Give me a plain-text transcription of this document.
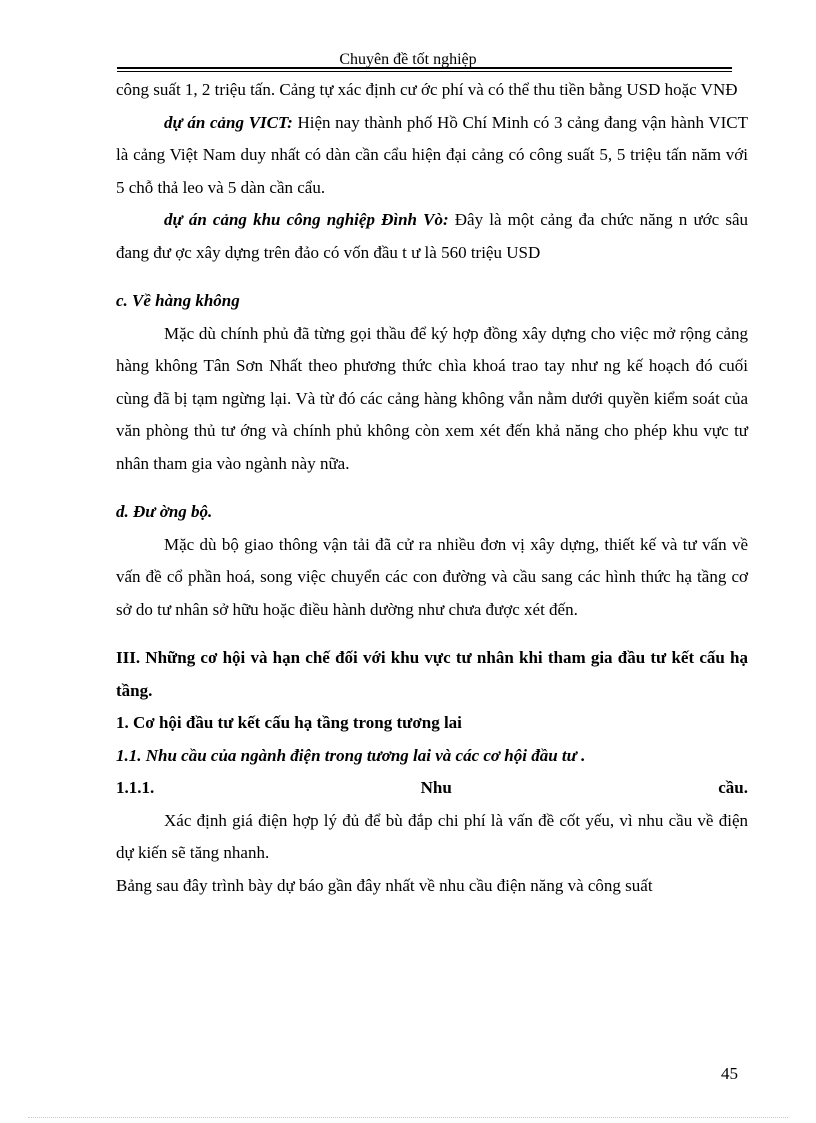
Chuyên đề tốt nghiệp

công suất 1, 2 triệu tấn. Cảng tự xác định cư ớc phí và có thể thu tiền bằng USD hoặc VNĐ

dự án cảng VICT: Hiện nay thành phố Hồ Chí Minh có 3 cảng đang vận hành VICT là cảng Việt Nam duy nhất có dàn cần cẩu hiện đại cảng có công suất 5, 5 triệu tấn năm với 5 chỗ thả leo và 5 dàn cần cẩu.

dự án cảng khu công nghiệp Đình Vò: Đây là một cảng đa chức năng n ước sâu đang đư ợc xây dựng trên đảo có vốn đầu t ư là 560 triệu USD

c. Về hàng không

Mặc dù chính phủ đã từng gọi thầu để ký hợp đồng xây dựng cho việc mở rộng cảng hàng không Tân Sơn Nhất theo phương thức chìa khoá trao tay như ng kế hoạch đó cuối cùng đã bị tạm ngừng lại. Và từ đó các cảng hàng không vẫn nằm dưới quyền kiểm soát của văn phòng thủ tư ớng và chính phủ không còn xem xét đến khả năng cho phép khu vực tư nhân tham gia vào ngành này nữa.

d. Đư ờng bộ.

Mặc dù bộ giao thông vận tải đã cử ra nhiều đơn vị xây dựng, thiết kế và tư vấn về vấn đề cổ phần hoá, song việc chuyển các con đường và cầu sang các hình thức hạ tầng cơ sở do tư nhân sở hữu hoặc điều hành dường như chưa được xét đến.

III. Những cơ hội và hạn chế đối với khu vực tư nhân khi tham gia đầu tư kết cấu hạ tầng.

1. Cơ hội đầu tư kết cấu hạ tầng trong tương lai

1.1. Nhu cầu của ngành điện trong tương lai và các cơ hội đầu tư .

1.1.1.	Nhu	cầu.

Xác định giá điện hợp lý đủ để bù đắp chi phí là vấn đề cốt yếu, vì nhu cầu về điện dự kiến sẽ tăng nhanh.

Bảng sau đây trình bày dự báo gần đây nhất về nhu cầu điện năng và công suất

45
